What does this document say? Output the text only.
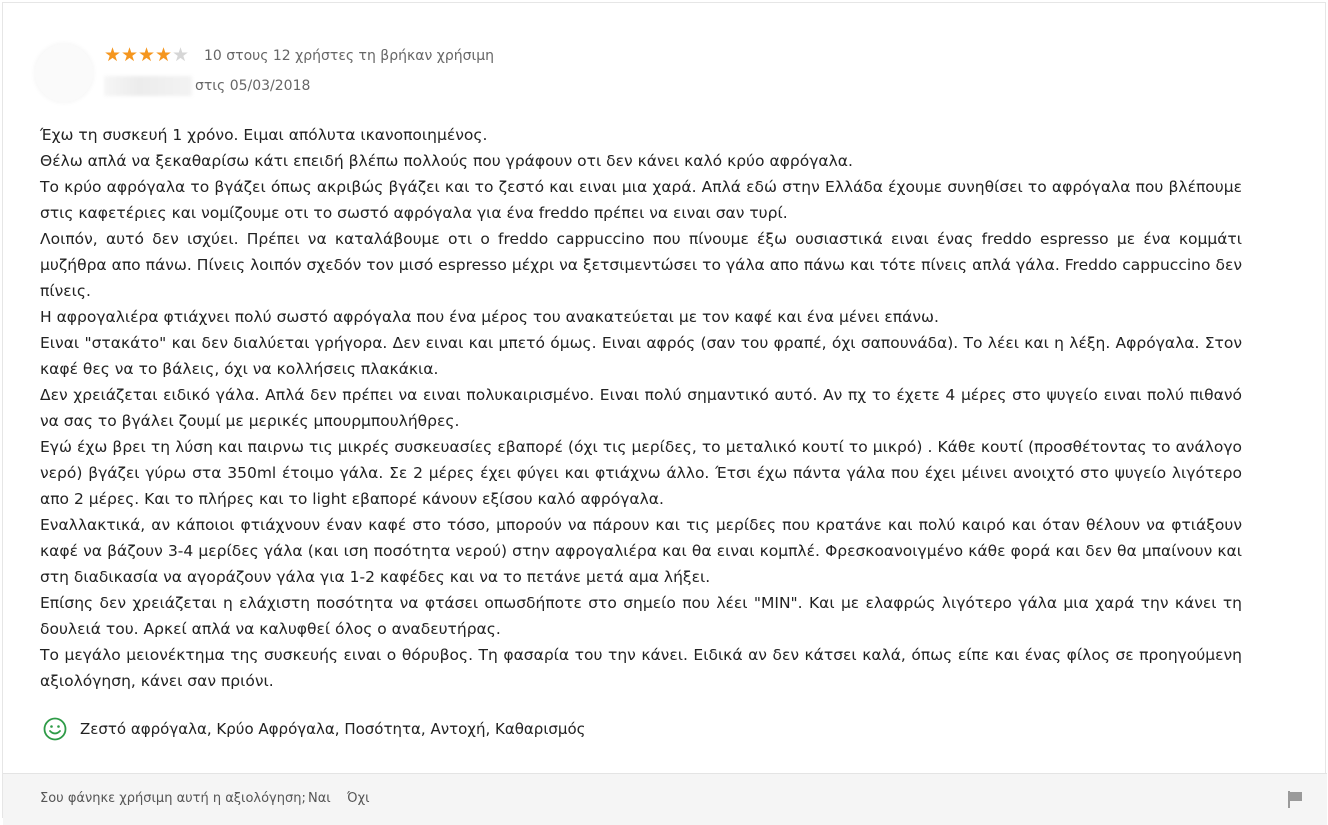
★ ★ ★ ★ ★ 10 στους 12 χρήστες τη βρήκαν χρήσιμη
στις 05/03/2018

Έχω τη συσκευή 1 χρόνο. Ειμαι απόλυτα ικανοποιημένος.

Θέλω απλά να ξεκαθαρίσω κάτι επειδή βλέπω πολλούς που γράφουν οτι δεν κάνει καλό κρύο αφρόγαλα.

Το κρύο αφρόγαλα το βγάζει όπως ακριβώς βγάζει και το ζεστό και ειναι μια χαρά. Απλά εδώ στην Ελλάδα έχουμε συνηθίσει το αφρόγαλα που βλέπουμε στις καφετέριες και νομίζουμε οτι το σωστό αφρόγαλα για ένα freddo πρέπει να ειναι σαν τυρί.

Λοιπόν, αυτό δεν ισχύει. Πρέπει να καταλάβουμε οτι ο freddo cappuccino που πίνουμε έξω ουσιαστικά ειναι ένας freddo espresso με ένα κομμάτι μυζήθρα απο πάνω. Πίνεις λοιπόν σχεδόν τον μισό espresso μέχρι να ξετσιμεντώσει το γάλα απο πάνω και τότε πίνεις απλά γάλα. Freddo cappuccino δεν πίνεις.

Η αφρογαλιέρα φτιάχνει πολύ σωστό αφρόγαλα που ένα μέρος του ανακατεύεται με τον καφέ και ένα μένει επάνω.

Ειναι "στακάτο" και δεν διαλύεται γρήγορα. Δεν ειναι και μπετό όμως. Ειναι αφρός (σαν του φραπέ, όχι σαπουνάδα). Το λέει και η λέξη. Αφρόγαλα. Στον καφέ θες να το βάλεις, όχι να κολλήσεις πλακάκια.

Δεν χρειάζεται ειδικό γάλα. Απλά δεν πρέπει να ειναι πολυκαιρισμένο. Ειναι πολύ σημαντικό αυτό. Αν πχ το έχετε 4 μέρες στο ψυγείο ειναι πολύ πιθανό να σας το βγάλει ζουμί με μερικές μπουρμπουλήθρες.

Εγώ έχω βρει τη λύση και παιρνω τις μικρές συσκευασίες εβαπορέ (όχι τις μερίδες, το μεταλικό κουτί το μικρό) . Κάθε κουτί (προσθέτοντας το ανάλογο νερό) βγάζει γύρω στα 350ml έτοιμο γάλα. Σε 2 μέρες έχει φύγει και φτιάχνω άλλο. Έτσι έχω πάντα γάλα που έχει μέινει ανοιχτό στο ψυγείο λιγότερο απο 2 μέρες. Και το πλήρες και το light εβαπορέ κάνουν εξίσου καλό αφρόγαλα.

Εναλλακτικά, αν κάποιοι φτιάχνουν έναν καφέ στο τόσο, μπορούν να πάρουν και τις μερίδες που κρατάνε και πολύ καιρό και όταν θέλουν να φτιάξουν καφέ να βάζουν 3-4 μερίδες γάλα (και ιση ποσότητα νερού) στην αφρογαλιέρα και θα ειναι κομπλέ. Φρεσκοανοιγμένο κάθε φορά και δεν θα μπαίνουν και στη διαδικασία να αγοράζουν γάλα για 1-2 καφέδες και να το πετάνε μετά αμα λήξει.

Επίσης δεν χρειάζεται η ελάχιστη ποσότητα να φτάσει οπωσδήποτε στο σημείο που λέει "MIN". Και με ελαφρώς λιγότερο γάλα μια χαρά την κάνει τη δουλειά του. Αρκεί απλά να καλυφθεί όλος ο αναδευτήρας.

Το μεγάλο μειονέκτημα της συσκευής ειναι ο θόρυβος. Τη φασαρία του την κάνει. Ειδικά αν δεν κάτσει καλά, όπως είπε και ένας φίλος σε προηγούμενη αξιολόγηση, κάνει σαν πριόνι.

Ζεστό αφρόγαλα, Κρύο Αφρόγαλα, Ποσότητα, Αντοχή, Καθαρισμός
Σου φάνηκε χρήσιμη αυτή η αξιολόγηση; Ναι Όχι
